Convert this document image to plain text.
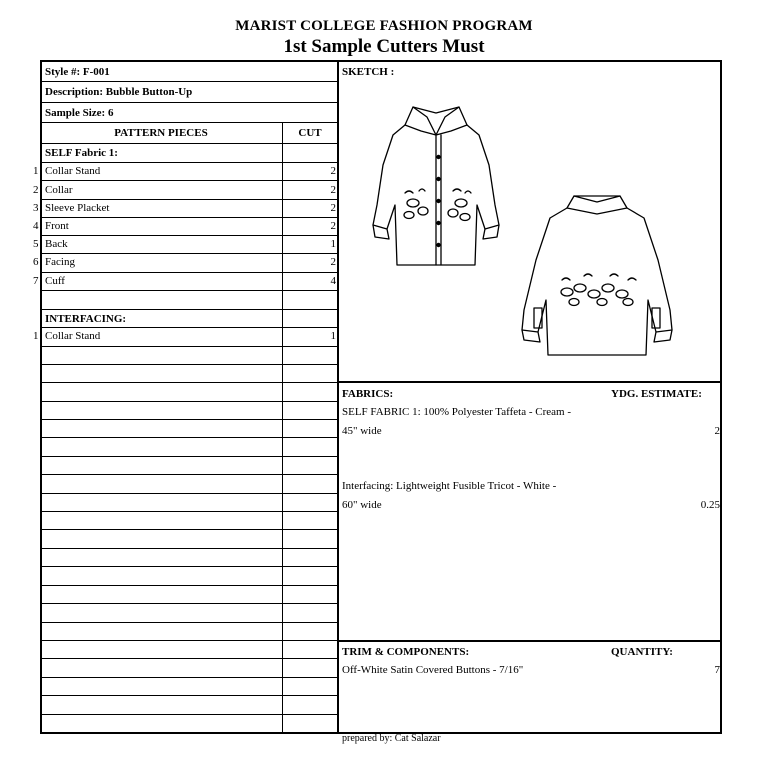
MARIST COLLEGE FASHION PROGRAM
1st Sample Cutters Must
Style #: F-001
Description: Bubble Button-Up
Sample Size: 6
PATTERN PIECES	CUT
SELF Fabric 1:
1 Collar Stand	2
2 Collar	2
3 Sleeve Placket	2
4 Front	2
5 Back	1
6 Facing	2
7 Cuff	4
INTERFACING:
1 Collar Stand	1
SKETCH :
FABRICS:	YDG. ESTIMATE:
SELF FABRIC 1: 100% Polyester Taffeta - Cream -
45" wide	2
Interfacing: Lightweight Fusible Tricot - White -
60" wide	0.25
TRIM & COMPONENTS:	QUANTITY:
Off-White Satin Covered Buttons - 7/16"	7
prepared by: Cat Salazar
